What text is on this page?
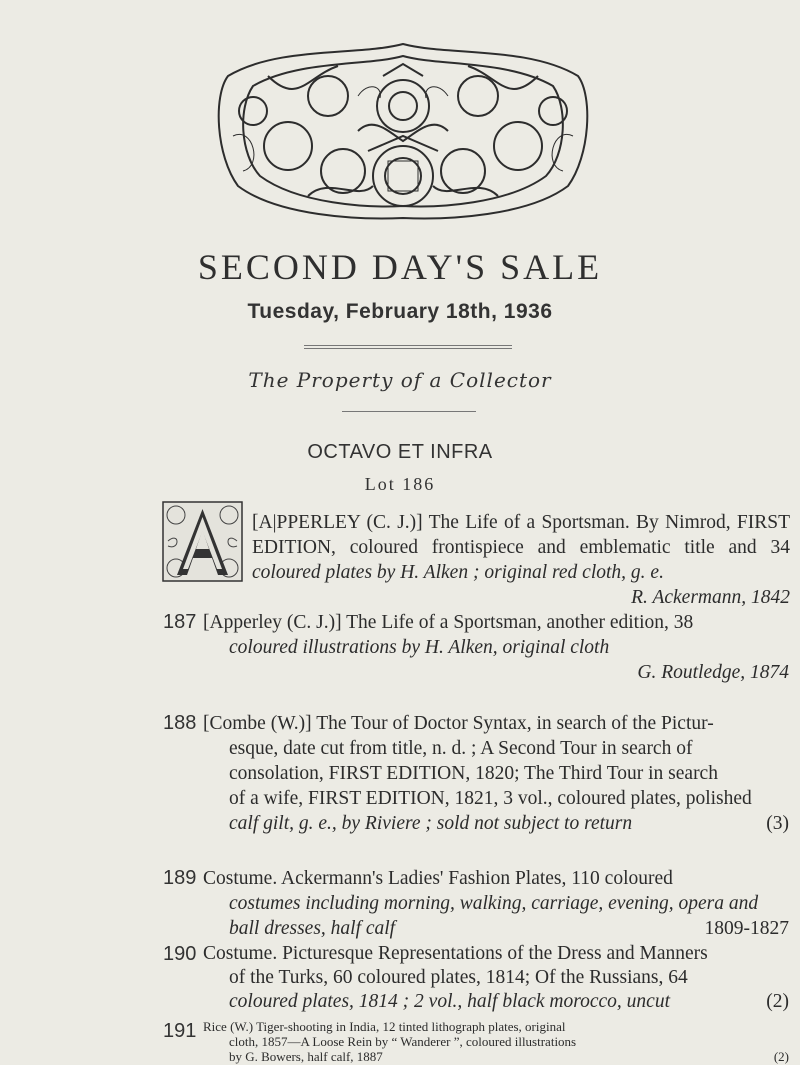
SECOND DAY'S SALE
Tuesday, February 18th, 1936
The Property of a Collector
OCTAVO ET INFRA
Lot 186
[A|PPERLEY (C. J.)] The Life of a Sportsman. By Nimrod, FIRST
EDITION, coloured frontispiece and emblematic title and 34
coloured plates by H. Alken ; original red cloth, g. e.
R. Ackermann, 1842
187 [Apperley (C. J.)] The Life of a Sportsman, another edition, 38
coloured illustrations by H. Alken, original cloth
G. Routledge, 1874
188 [Combe (W.)] The Tour of Doctor Syntax, in search of the Pictur-
esque, date cut from title, n. d. ; A Second Tour in search of
consolation, FIRST EDITION, 1820; The Third Tour in search
of a wife, FIRST EDITION, 1821, 3 vol., coloured plates, polished
calf gilt, g. e., by Riviere ; sold not subject to return	(3)
189 Costume. Ackermann's Ladies' Fashion Plates, 110 coloured
costumes including morning, walking, carriage, evening, opera and
ball dresses, half calf	1809-1827
190 Costume. Picturesque Representations of the Dress and Manners
of the Turks, 60 coloured plates, 1814; Of the Russians, 64
coloured plates, 1814 ; 2 vol., half black morocco, uncut	(2)
191 Rice (W.) Tiger-shooting in India, 12 tinted lithograph plates, original
cloth, 1857—A Loose Rein by “ Wanderer ”, coloured illustrations
by G. Bowers, half calf, 1887	(2)
